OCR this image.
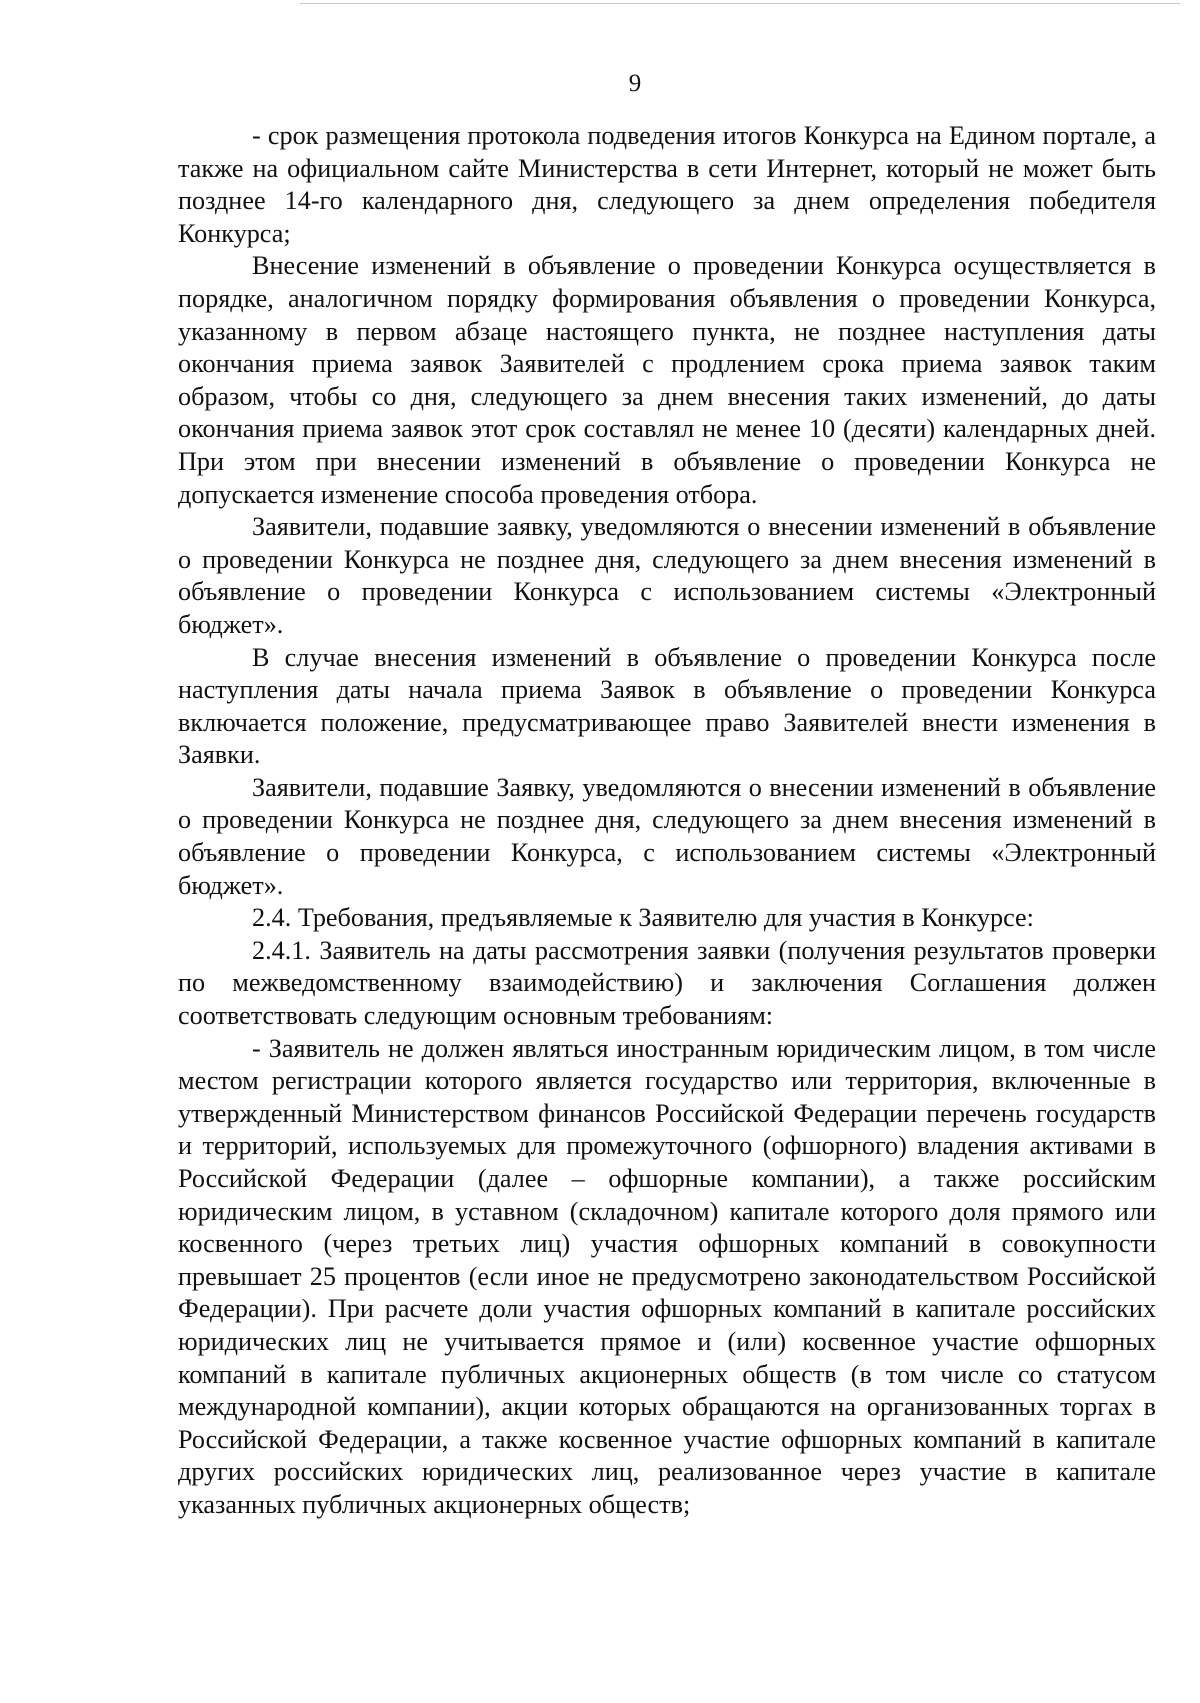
9

- срок размещения протокола подведения итогов Конкурса на Едином портале, а также на официальном сайте Министерства в сети Интернет, который не может быть позднее 14-го календарного дня, следующего за днем определения победителя Конкурса;

Внесение изменений в объявление о проведении Конкурса осуществляется в порядке, аналогичном порядку формирования объявления о проведении Конкурса, указанному в первом абзаце настоящего пункта, не позднее наступления даты окончания приема заявок Заявителей с продлением срока приема заявок таким образом, чтобы со дня, следующего за днем внесения таких изменений, до даты окончания приема заявок этот срок составлял не менее 10 (десяти) календарных дней. При этом при внесении изменений в объявление о проведении Конкурса не допускается изменение способа проведения отбора.

Заявители, подавшие заявку, уведомляются о внесении изменений в объявление о проведении Конкурса не позднее дня, следующего за днем внесения изменений в объявление о проведении Конкурса с использованием системы «Электронный бюджет».

В случае внесения изменений в объявление о проведении Конкурса после наступления даты начала приема Заявок в объявление о проведении Конкурса включается положение, предусматривающее право Заявителей внести изменения в Заявки.

Заявители, подавшие Заявку, уведомляются о внесении изменений в объявление о проведении Конкурса не позднее дня, следующего за днем внесения изменений в объявление о проведении Конкурса, с использованием системы «Электронный бюджет».

2.4. Требования, предъявляемые к Заявителю для участия в Конкурсе:

2.4.1. Заявитель на даты рассмотрения заявки (получения результатов проверки по межведомственному взаимодействию) и заключения Соглашения должен соответствовать следующим основным требованиям:

- Заявитель не должен являться иностранным юридическим лицом, в том числе местом регистрации которого является государство или территория, включенные в утвержденный Министерством финансов Российской Федерации перечень государств и территорий, используемых для промежуточного (офшорного) владения активами в Российской Федерации (далее – офшорные компании), а также российским юридическим лицом, в уставном (складочном) капитале которого доля прямого или косвенного (через третьих лиц) участия офшорных компаний в совокупности превышает 25 процентов (если иное не предусмотрено законодательством Российской Федерации). При расчете доли участия офшорных компаний в капитале российских юридических лиц не учитывается прямое и (или) косвенное участие офшорных компаний в капитале публичных акционерных обществ (в том числе со статусом международной компании), акции которых обращаются на организованных торгах в Российской Федерации, а также косвенное участие офшорных компаний в капитале других российских юридических лиц, реализованное через участие в капитале указанных публичных акционерных обществ;
